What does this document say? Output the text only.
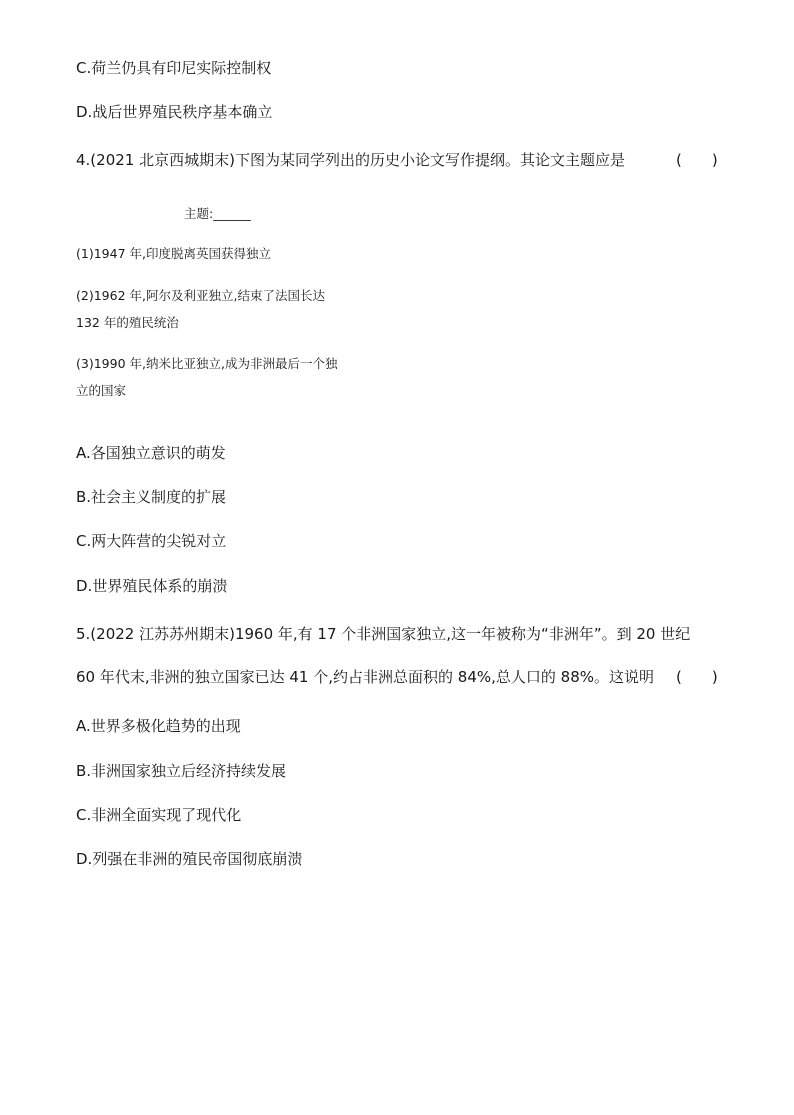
C.荷兰仍具有印尼实际控制权
D.战后世界殖民秩序基本确立
4.(2021 北京西城期末)下图为某同学列出的历史小论文写作提纲。其论文主题应是	(　　)
主题:______
(1)1947 年,印度脱离英国获得独立
(2)1962 年,阿尔及利亚独立,结束了法国长达
132 年的殖民统治
(3)1990 年,纳米比亚独立,成为非洲最后一个独
立的国家
A.各国独立意识的萌发
B.社会主义制度的扩展
C.两大阵营的尖锐对立
D.世界殖民体系的崩溃
5.(2022 江苏苏州期末)1960 年,有 17 个非洲国家独立,这一年被称为“非洲年”。到 20 世纪
60 年代末,非洲的独立国家已达 41 个,约占非洲总面积的 84%,总人口的 88%。这说明 (　　)
A.世界多极化趋势的出现
B.非洲国家独立后经济持续发展
C.非洲全面实现了现代化
D.列强在非洲的殖民帝国彻底崩溃
